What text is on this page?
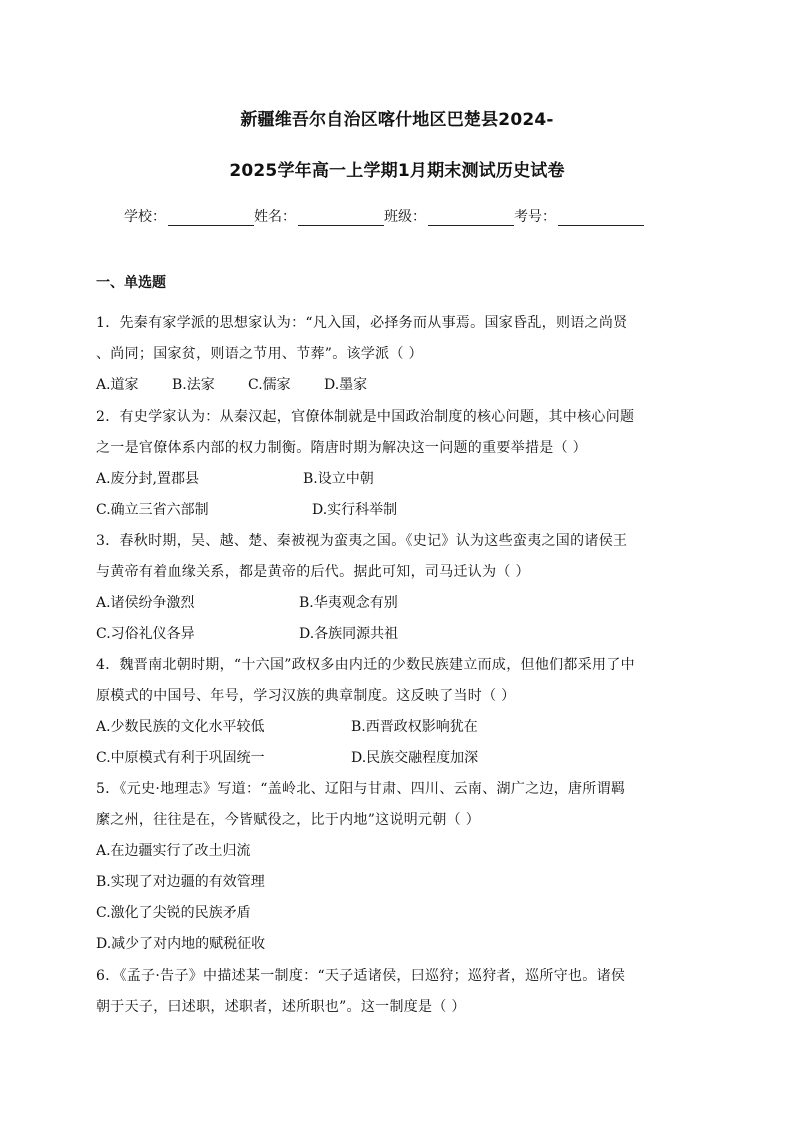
新疆维吾尔自治区喀什地区巴楚县2024-
2025学年高一上学期1月期末测试历史试卷
学校：	姓名：	班级：	考号：
一、单选题
1．先秦有家学派的思想家认为：“凡入国，必择务而从事焉。国家昏乱，则语之尚贤
、尚同；国家贫，则语之节用、节葬”。该学派（ ）
A.道家 B.法家 C.儒家 D.墨家
2．有史学家认为：从秦汉起，官僚体制就是中国政治制度的核心问题，其中核心问题
之一是官僚体系内部的权力制衡。隋唐时期为解决这一问题的重要举措是（ ）
A.废分封,置郡县	B.设立中朝
C.确立三省六部制	D.实行科举制
3．春秋时期，吴、越、楚、秦被视为蛮夷之国。《史记》认为这些蛮夷之国的诸侯王
与黄帝有着血缘关系，都是黄帝的后代。据此可知，司马迁认为（ ）
A.诸侯纷争激烈	B.华夷观念有别
C.习俗礼仪各异	D.各族同源共祖
4．魏晋南北朝时期，“十六国”政权多由内迁的少数民族建立而成，但他们都采用了中
原模式的中国号、年号，学习汉族的典章制度。这反映了当时（ ）
A.少数民族的文化水平较低	B.西晋政权影响犹在
C.中原模式有利于巩固统一	D.民族交融程度加深
5．《元史·地理志》写道：“盖岭北、辽阳与甘肃、四川、云南、湖广之边，唐所谓羁
縻之州，往往是在，今皆赋役之，比于内地”这说明元朝（ ）
A.在边疆实行了改土归流
B.实现了对边疆的有效管理
C.激化了尖锐的民族矛盾
D.减少了对内地的赋税征收
6．《孟子·告子》中描述某一制度：“天子适诸侯，曰巡狩；巡狩者，巡所守也。诸侯
朝于天子，曰述职，述职者，述所职也”。这一制度是（ ）
